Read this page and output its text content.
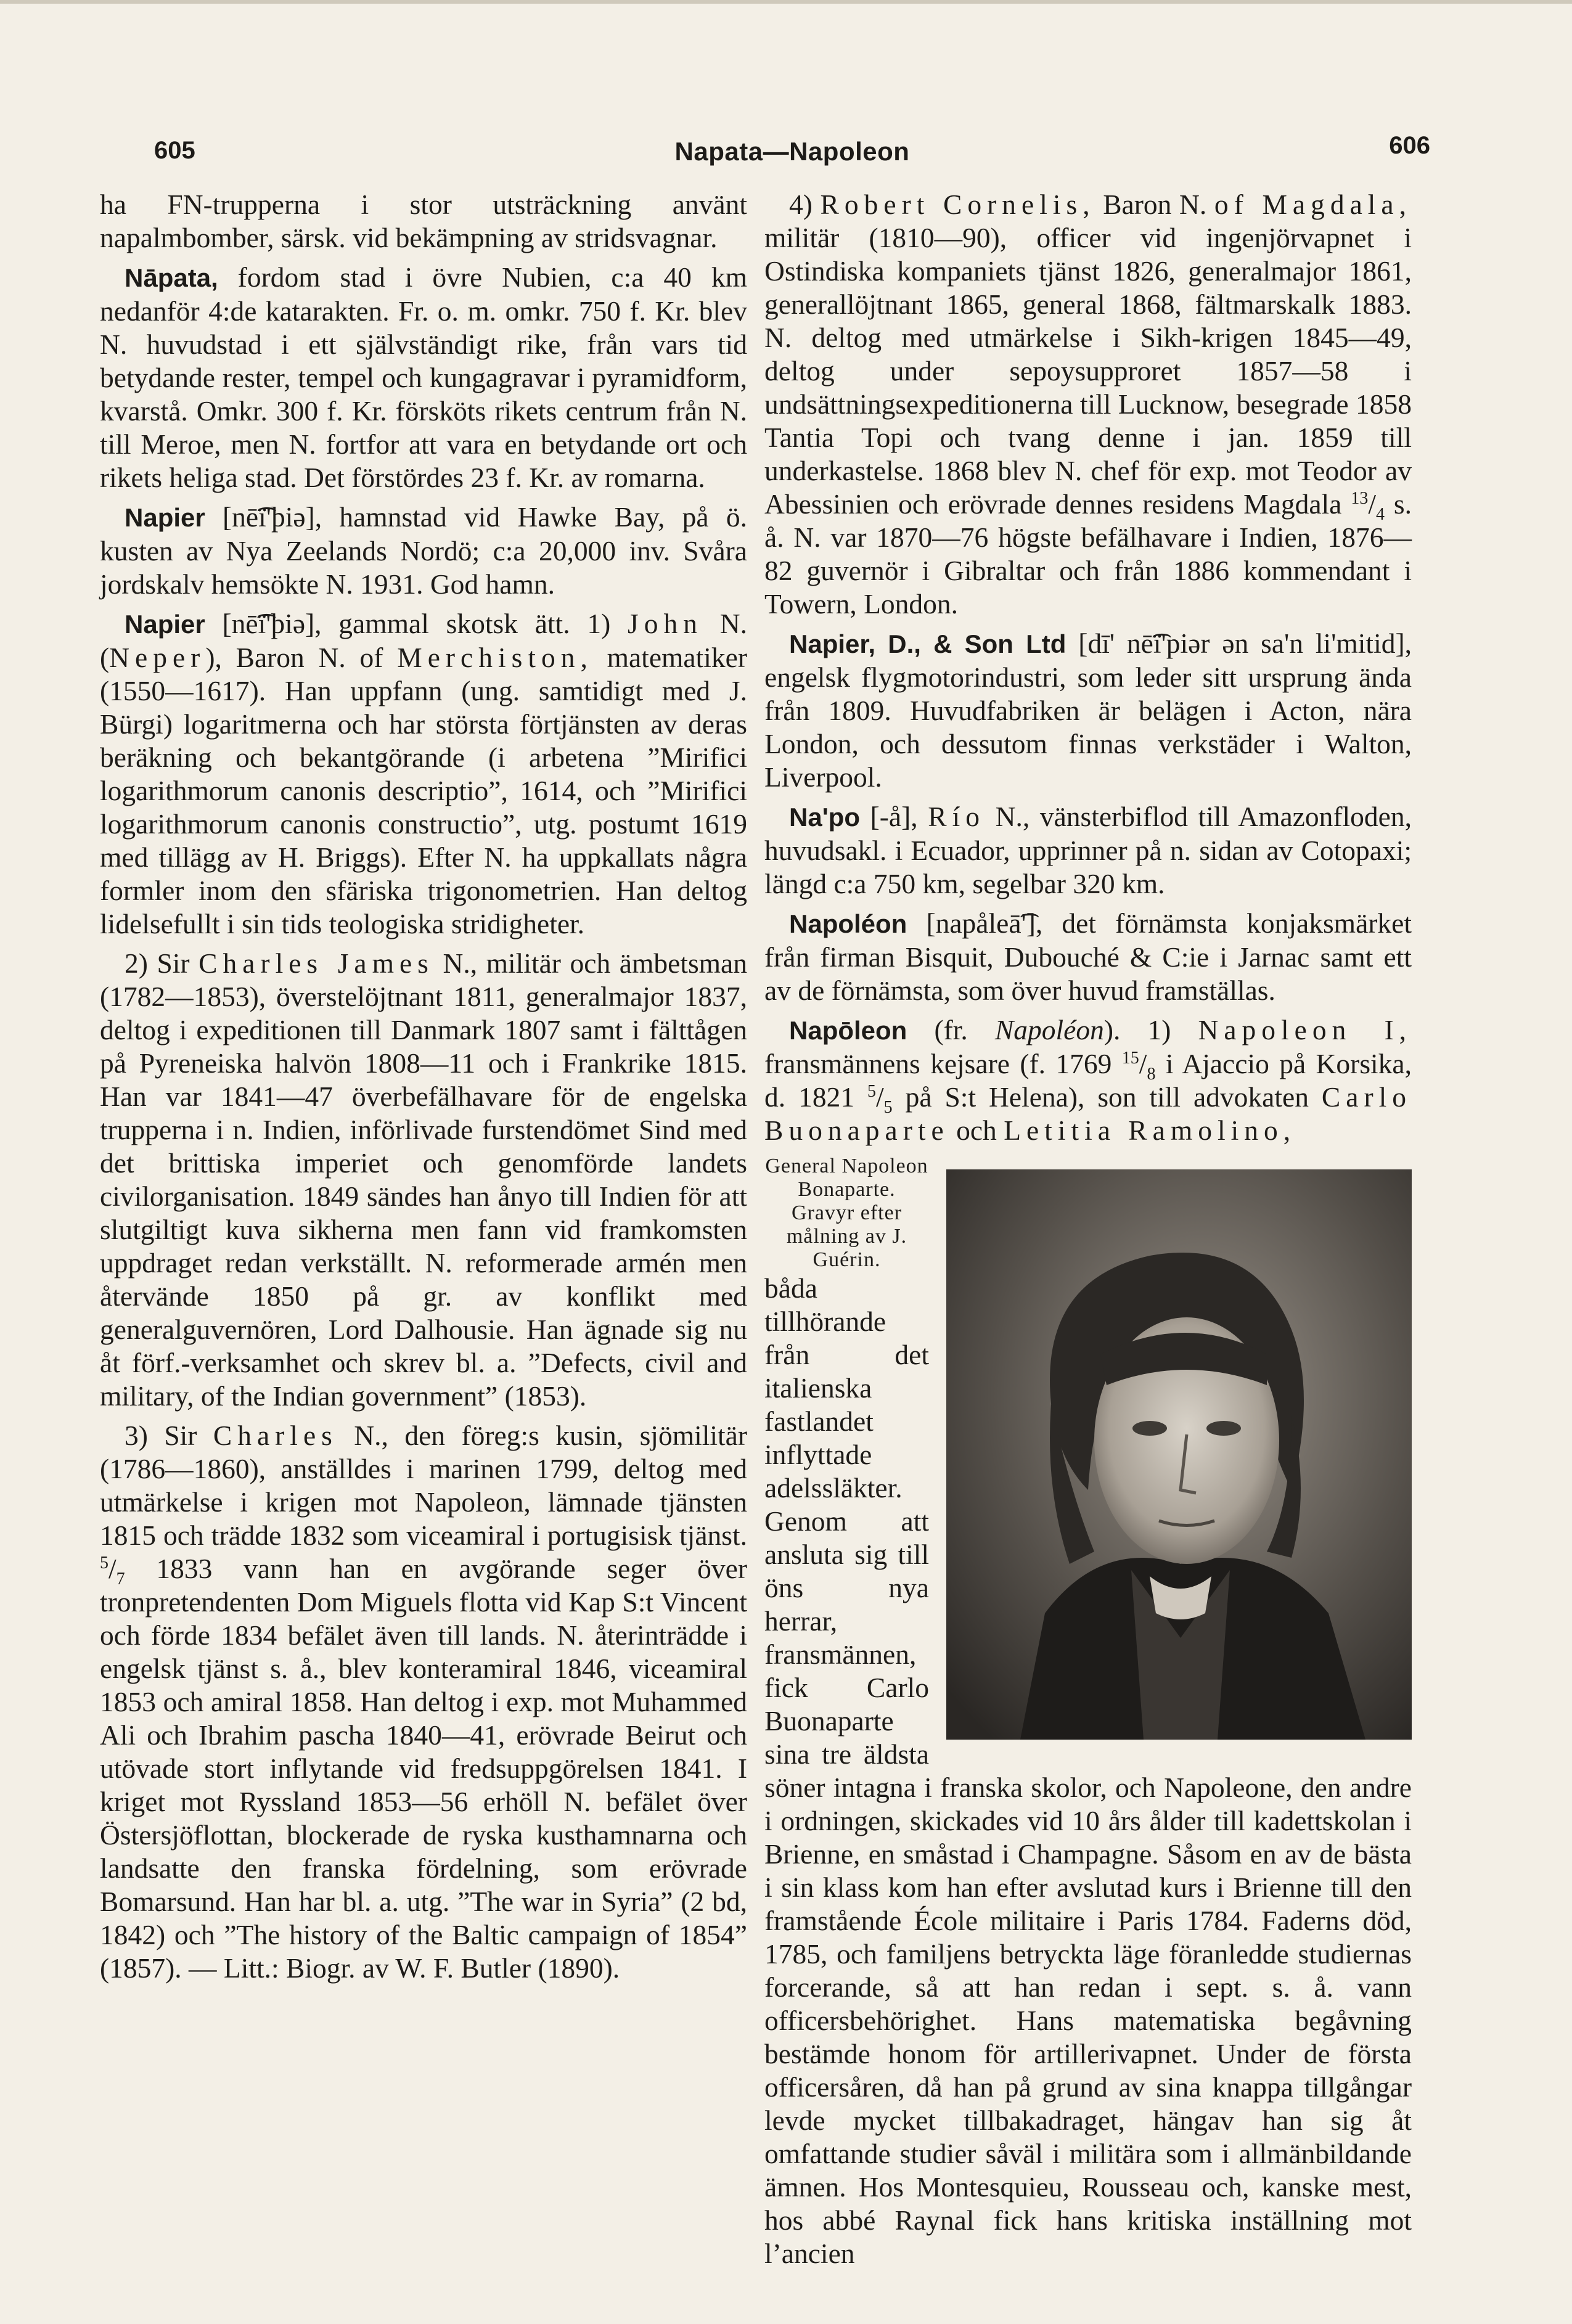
605	Napata—Napoleon	606

ha FN-trupperna i stor utsträckning använt napalmbomber, särsk. vid bekämpning av stridsvagnar.

Nāpata, fordom stad i övre Nubien, c:a 40 km nedanför 4:de katarakten. Fr. o. m. omkr. 750 f. Kr. blev N. huvudstad i ett självständigt rike, från vars tid betydande rester, tempel och kungagravar i pyramidform, kvarstå. Omkr. 300 f. Kr. försköts rikets centrum från N. till Meroe, men N. fortfor att vara en betydande ort och rikets heliga stad. Det förstördes 23 f. Kr. av romarna.

Napier [nē͡ï'þiə], hamnstad vid Hawke Bay, på ö. kusten av Nya Zeelands Nordö; c:a 20,000 inv. Svåra jordskalv hemsökte N. 1931. God hamn.

Napier [nē͡ï'þiə], gammal skotsk ätt. 1) John N. (Neper), Baron N. of Merchiston, matematiker (1550—1617). Han uppfann (ung. samtidigt med J. Bürgi) logaritmerna och har största förtjänsten av deras beräkning och bekantgörande (i arbetena ”Mirifici logarithmorum canonis descriptio”, 1614, och ”Mirifici logarithmorum canonis constructio”, utg. postumt 1619 med tillägg av H. Briggs). Efter N. ha uppkallats några formler inom den sfäriska trigonometrien. Han deltog lidelsefullt i sin tids teologiska stridigheter.

2) Sir Charles James N., militär och ämbetsman (1782—1853), överstelöjtnant 1811, generalmajor 1837, deltog i expeditionen till Danmark 1807 samt i fälttågen på Pyreneiska halvön 1808—11 och i Frankrike 1815. Han var 1841—47 överbefälhavare för de engelska trupperna i n. Indien, införlivade furstendömet Sind med det brittiska imperiet och genomförde landets civilorganisation. 1849 sändes han ånyo till Indien för att slutgiltigt kuva sikherna men fann vid framkomsten uppdraget redan verkställt. N. reformerade armén men återvände 1850 på gr. av konflikt med generalguvernören, Lord Dalhousie. Han ägnade sig nu åt förf.-verksamhet och skrev bl. a. ”Defects, civil and military, of the Indian government” (1853).

3) Sir Charles N., den föreg:s kusin, sjömilitär (1786—1860), anställdes i marinen 1799, deltog med utmärkelse i krigen mot Napoleon, lämnade tjänsten 1815 och trädde 1832 som viceamiral i portugisisk tjänst. $^5/_7$ 1833 vann han en avgörande seger över tronpretendenten Dom Miguels flotta vid Kap S:t Vincent och förde 1834 befälet även till lands. N. återinträdde i engelsk tjänst s. å., blev konteramiral 1846, viceamiral 1853 och amiral 1858. Han deltog i exp. mot Muhammed Ali och Ibrahim pascha 1840—41, erövrade Beirut och utövade stort inflytande vid fredsuppgörelsen 1841. I kriget mot Ryssland 1853—56 erhöll N. befälet över Östersjöflottan, blockerade de ryska kusthamnarna och landsatte den franska fördelning, som erövrade Bomarsund. Han har bl. a. utg. ”The war in Syria” (2 bd, 1842) och ”The history of the Baltic campaign of 1854” (1857). — Litt.: Biogr. av W. F. Butler (1890).

4) Robert Cornelis, Baron N. of Magdala, militär (1810—90), officer vid ingenjörvapnet i Ostindiska kompaniets tjänst 1826, generalmajor 1861, generallöjtnant 1865, general 1868, fältmarskalk 1883. N. deltog med utmärkelse i Sikh-krigen 1845—49, deltog under sepoysupproret 1857—58 i undsättningsexpeditionerna till Lucknow, besegrade 1858 Tantia Topi och tvang denne i jan. 1859 till underkastelse. 1868 blev N. chef för exp. mot Teodor av Abessinien och erövrade dennes residens Magdala $^{13}/_4$ s. å. N. var 1870—76 högste befälhavare i Indien, 1876—82 guvernör i Gibraltar och från 1886 kommendant i Towern, London.

Napier, D., & Son Ltd [dī' nē͡ï'piər ən sa'n li'mitid], engelsk flygmotorindustri, som leder sitt ursprung ända från 1809. Huvudfabriken är belägen i Acton, nära London, och dessutom finnas verkstäder i Walton, Liverpool.

Na'po [-å], Río N., vänsterbiflod till Amazonfloden, huvudsakl. i Ecuador, upprinner på n. sidan av Cotopaxi; längd c:a 750 km, segelbar 320 km.

Napoléon [napåleā͡'], det förnämsta konjaksmärket från firman Bisquit, Dubouché & C:ie i Jarnac samt ett av de förnämsta, som över huvud framställas.

Napōleon (fr. Napoléon). 1) Napoleon I, fransmännens kejsare (f. 1769 $^{15}/_8$ i Ajaccio på Korsika, d. 1821 $^5/_5$ på S:t Helena), son till advokaten Carlo Buonaparte och Letitia Ramolino,

General Napoleon Bonaparte.
Gravyr efter målning av J. Guérin.
båda tillhörande från det italienska fastlandet inflyttade adelssläkter. Genom att ansluta sig till öns nya herrar, fransmännen, fick Carlo Buonaparte sina tre äldsta söner intagna i franska skolor, och Napoleone, den andre i ordningen, skickades vid 10 års ålder till kadettskolan i Brienne, en småstad i Champagne. Såsom en av de bästa i sin klass kom han efter avslutad kurs i Brienne till den framstående École militaire i Paris 1784. Faderns död, 1785, och familjens betryckta läge föranledde studiernas forcerande, så att han redan i sept. s. å. vann officersbehörighet. Hans matematiska begåvning bestämde honom för artillerivapnet. Under de första officersåren, då han på grund av sina knappa tillgångar levde mycket tillbakadraget, hängav han sig åt omfattande studier såväl i militära som i allmänbildande ämnen. Hos Montesquieu, Rousseau och, kanske mest, hos abbé Raynal fick hans kritiska inställning mot l’ancien
